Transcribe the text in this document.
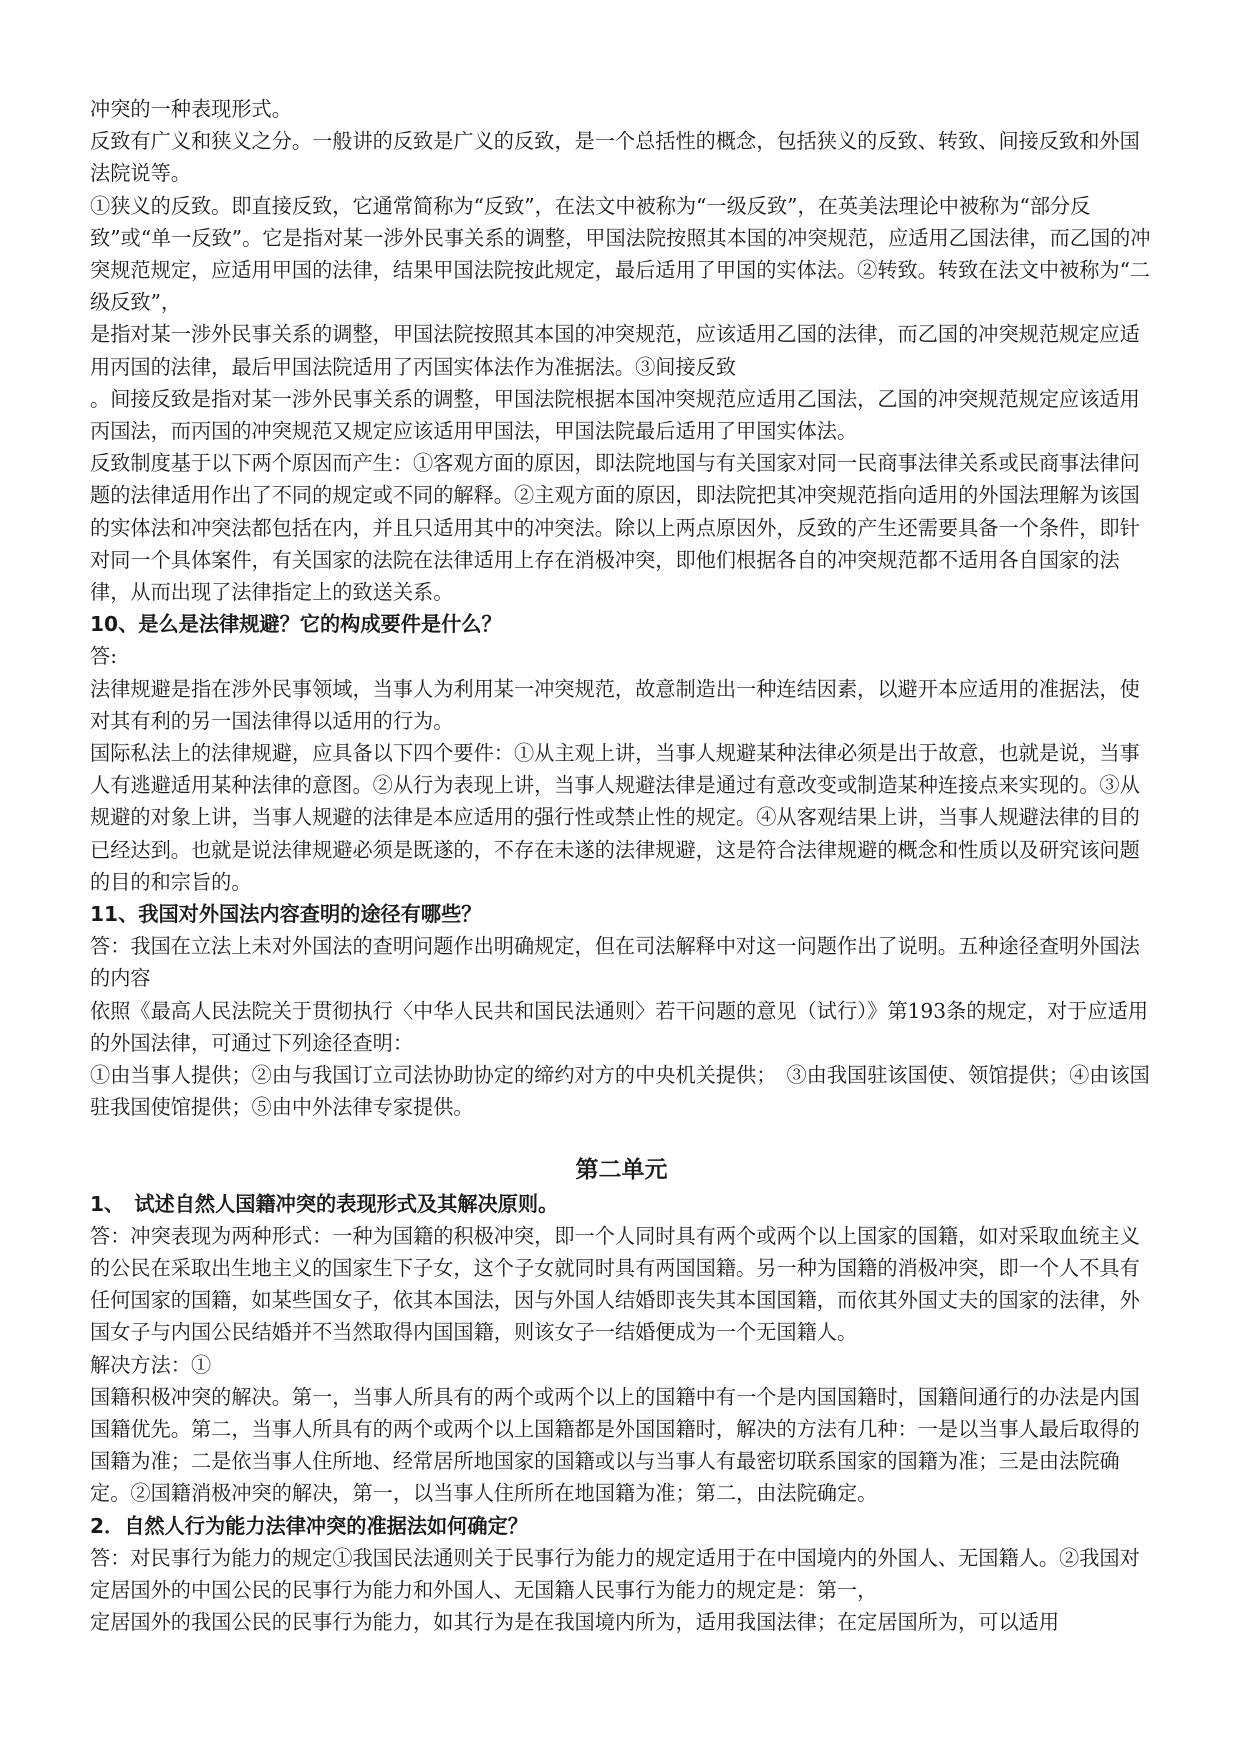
冲突的一种表现形式。

反致有广义和狭义之分。一般讲的反致是广义的反致，是一个总括性的概念，包括狭义的反致、转致、间接反致和外国法院说等。

①狭义的反致。即直接反致，它通常简称为“反致”，在法文中被称为“一级反致”，在英美法理论中被称为“部分反致”或“单一反致”。它是指对某一涉外民事关系的调整，甲国法院按照其本国的冲突规范，应适用乙国法律，而乙国的冲突规范规定，应适用甲国的法律，结果甲国法院按此规定，最后适用了甲国的实体法。②转致。转致在法文中被称为“二级反致”，

是指对某一涉外民事关系的调整，甲国法院按照其本国的冲突规范，应该适用乙国的法律，而乙国的冲突规范规定应适用丙国的法律，最后甲国法院适用了丙国实体法作为准据法。③间接反致

。间接反致是指对某一涉外民事关系的调整，甲国法院根据本国冲突规范应适用乙国法，乙国的冲突规范规定应该适用丙国法，而丙国的冲突规范又规定应该适用甲国法，甲国法院最后适用了甲国实体法。

反致制度基于以下两个原因而产生：①客观方面的原因，即法院地国与有关国家对同一民商事法律关系或民商事法律问题的法律适用作出了不同的规定或不同的解释。②主观方面的原因，即法院把其冲突规范指向适用的外国法理解为该国的实体法和冲突法都包括在内，并且只适用其中的冲突法。除以上两点原因外，反致的产生还需要具备一个条件，即针对同一个具体案件，有关国家的法院在法律适用上存在消极冲突，即他们根据各自的冲突规范都不适用各自国家的法律，从而出现了法律指定上的致送关系。

10、是么是法律规避？它的构成要件是什么？

答:

法律规避是指在涉外民事领域，当事人为利用某一冲突规范，故意制造出一种连结因素，以避开本应适用的准据法，使对其有利的另一国法律得以适用的行为。

国际私法上的法律规避，应具备以下四个要件：①从主观上讲，当事人规避某种法律必须是出于故意，也就是说，当事人有逃避适用某种法律的意图。②从行为表现上讲，当事人规避法律是通过有意改变或制造某种连接点来实现的。③从规避的对象上讲，当事人规避的法律是本应适用的强行性或禁止性的规定。④从客观结果上讲，当事人规避法律的目的已经达到。也就是说法律规避必须是既遂的，不存在未遂的法律规避，这是符合法律规避的概念和性质以及研究该问题的目的和宗旨的。

11、我国对外国法内容查明的途径有哪些？

答：我国在立法上未对外国法的查明问题作出明确规定，但在司法解释中对这一问题作出了说明。五种途径查明外国法的内容

依照《最高人民法院关于贯彻执行〈中华人民共和国民法通则〉若干问题的意见（试行）》第193条的规定，对于应适用的外国法律，可通过下列途径查明：

①由当事人提供；②由与我国订立司法协助协定的缔约对方的中央机关提供；　③由我国驻该国使、领馆提供；④由该国驻我国使馆提供；⑤由中外法律专家提供。

第二单元

1、　试述自然人国籍冲突的表现形式及其解决原则。

答：冲突表现为两种形式：一种为国籍的积极冲突，即一个人同时具有两个或两个以上国家的国籍，如对采取血统主义的公民在采取出生地主义的国家生下子女，这个子女就同时具有两国国籍。另一种为国籍的消极冲突，即一个人不具有任何国家的国籍，如某些国女子，依其本国法，因与外国人结婚即丧失其本国国籍，而依其外国丈夫的国家的法律，外国女子与内国公民结婚并不当然取得内国国籍，则该女子一结婚便成为一个无国籍人。

解决方法：①

国籍积极冲突的解决。第一，当事人所具有的两个或两个以上的国籍中有一个是内国国籍时，国籍间通行的办法是内国国籍优先。第二，当事人所具有的两个或两个以上国籍都是外国国籍时，解决的方法有几种：一是以当事人最后取得的国籍为准；二是依当事人住所地、经常居所地国家的国籍或以与当事人有最密切联系国家的国籍为准；三是由法院确定。②国籍消极冲突的解决，第一，以当事人住所所在地国籍为准；第二，由法院确定。

2．自然人行为能力法律冲突的准据法如何确定？

答：对民事行为能力的规定①我国民法通则关于民事行为能力的规定适用于在中国境内的外国人、无国籍人。②我国对定居国外的中国公民的民事行为能力和外国人、无国籍人民事行为能力的规定是：第一，

定居国外的我国公民的民事行为能力，如其行为是在我国境内所为，适用我国法律；在定居国所为，可以适用
